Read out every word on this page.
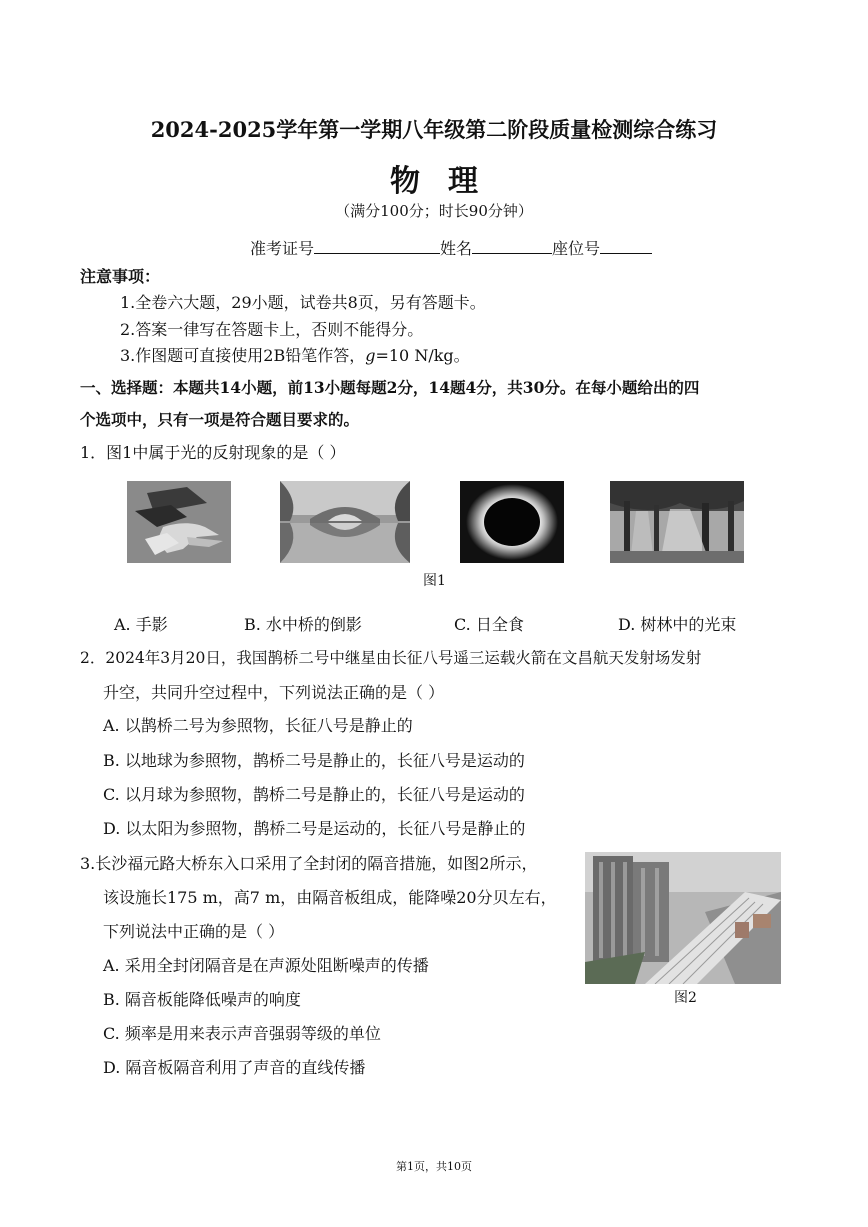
2024-2025学年第一学期八年级第二阶段质量检测综合练习
物理
（满分100分；时长90分钟）
准考证号	姓名	座位号
注意事项：
1.全卷六大题，29小题，试卷共8页，另有答题卡。
2.答案一律写在答题卡上，否则不能得分。
3.作图题可直接使用2B铅笔作答，g=10 N/kg。
一、选择题：本题共14小题，前13小题每题2分，14题4分，共30分。在每小题给出的四
个选项中，只有一项是符合题目要求的。
1．图1中属于光的反射现象的是（ ）
图1
A. 手影	B. 水中桥的倒影	C. 日全食	D. 树林中的光束
2．2024年3月20日，我国鹊桥二号中继星由长征八号遥三运载火箭在文昌航天发射场发射
升空，共同升空过程中，下列说法正确的是（ ）
A. 以鹊桥二号为参照物，长征八号是静止的
B. 以地球为参照物，鹊桥二号是静止的，长征八号是运动的
C. 以月球为参照物，鹊桥二号是静止的，长征八号是运动的
D. 以太阳为参照物，鹊桥二号是运动的，长征八号是静止的
3.长沙福元路大桥东入口采用了全封闭的隔音措施，如图2所示，
该设施长175 m，高7 m，由隔音板组成，能降噪20分贝左右，
下列说法中正确的是（ ）
A. 采用全封闭隔音是在声源处阻断噪声的传播
B. 隔音板能降低噪声的响度
C. 频率是用来表示声音强弱等级的单位
D. 隔音板隔音利用了声音的直线传播
图2
第1页，共10页
